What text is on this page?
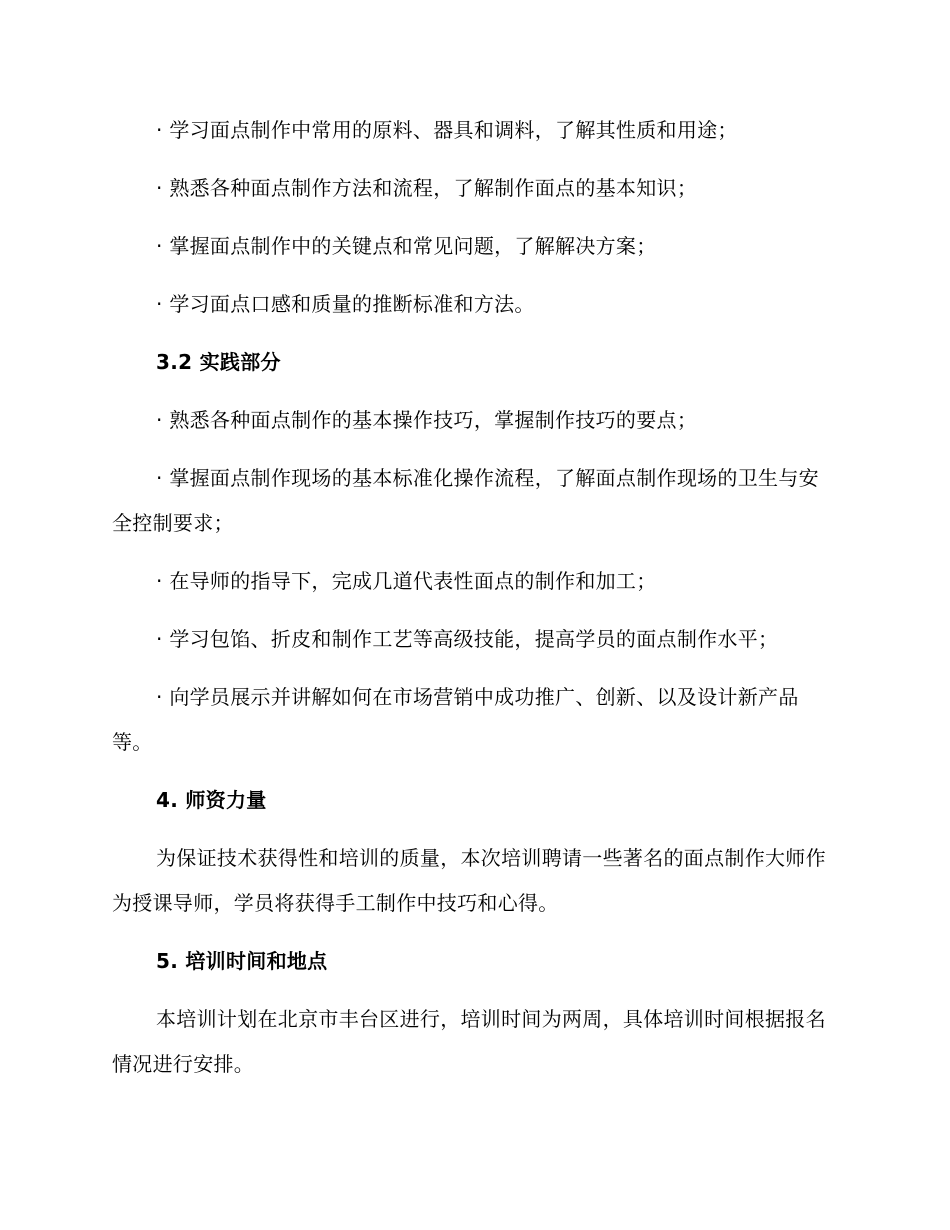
· 学习面点制作中常用的原料、器具和调料，了解其性质和用途；

· 熟悉各种面点制作方法和流程，了解制作面点的基本知识；

· 掌握面点制作中的关键点和常见问题，了解解决方案；

· 学习面点口感和质量的推断标准和方法。

3.2 实践部分

· 熟悉各种面点制作的基本操作技巧，掌握制作技巧的要点；

· 掌握面点制作现场的基本标准化操作流程，了解面点制作现场的卫生与安全控制要求；

· 在导师的指导下，完成几道代表性面点的制作和加工；

· 学习包馅、折皮和制作工艺等高级技能，提高学员的面点制作水平；

· 向学员展示并讲解如何在市场营销中成功推广、创新、以及设计新产品等。

4. 师资力量

为保证技术获得性和培训的质量，本次培训聘请一些著名的面点制作大师作为授课导师，学员将获得手工制作中技巧和心得。

5. 培训时间和地点

本培训计划在北京市丰台区进行，培训时间为两周，具体培训时间根据报名情况进行安排。
